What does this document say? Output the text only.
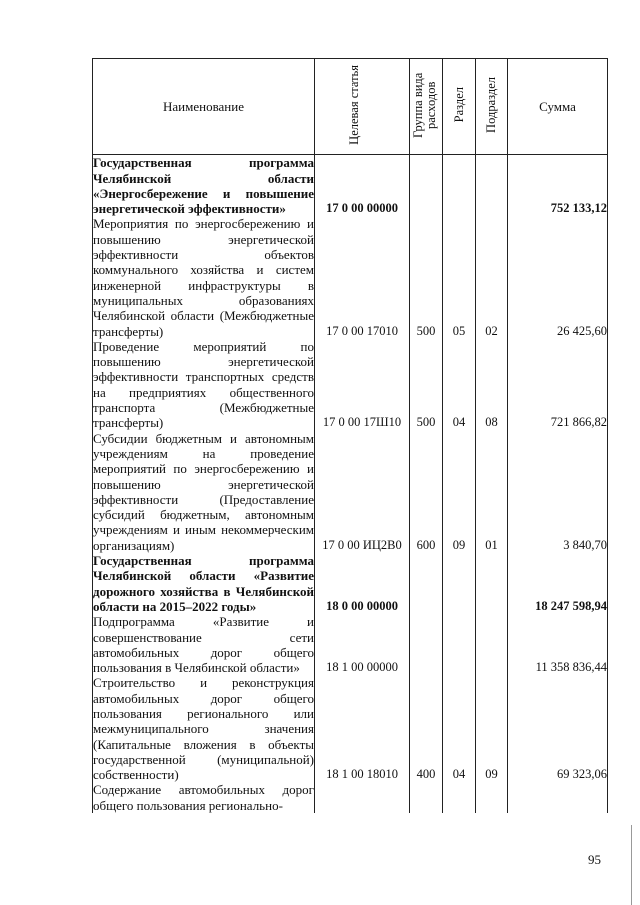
Наименование	Целевая статья	Группа вида расходов	Раздел	Подраздел	Сумма
Государственная программа Челябинской области «Энергосбережение и повышение энергетической эффективности»	17 0 00 00000				752 133,12
Мероприятия по энергосбережению и повышению энергетической эффективности объектов коммунального хозяйства и систем инженерной инфраструктуры в муниципальных образованиях Челябинской области (Межбюджетные трансферты)	17 0 00 17010	500	05	02	26 425,60
Проведение мероприятий по повышению энергетической эффективности транспортных средств на предприятиях общественного транспорта (Межбюджетные трансферты)	17 0 00 17Ш10	500	04	08	721 866,82
Субсидии бюджетным и автономным учреждениям на проведение мероприятий по энергосбережению и повышению энергетической эффективности (Предоставление субсидий бюджетным, автономным учреждениям и иным некоммерческим организациям)	17 0 00 ИЦ2В0	600	09	01	3 840,70
Государственная программа Челябинской области «Развитие дорожного хозяйства в Челябинской области на 2015–2022 годы»	18 0 00 00000				18 247 598,94
Подпрограмма «Развитие и совершенствование сети автомобильных дорог общего пользования в Челябинской области»	18 1 00 00000				11 358 836,44
Строительство и реконструкция автомобильных дорог общего пользования регионального или межмуниципального значения (Капитальные вложения в объекты государственной (муниципальной) собственности)	18 1 00 18010	400	04	09	69 323,06
Содержание автомобильных дорог общего пользования регионально-					
95
